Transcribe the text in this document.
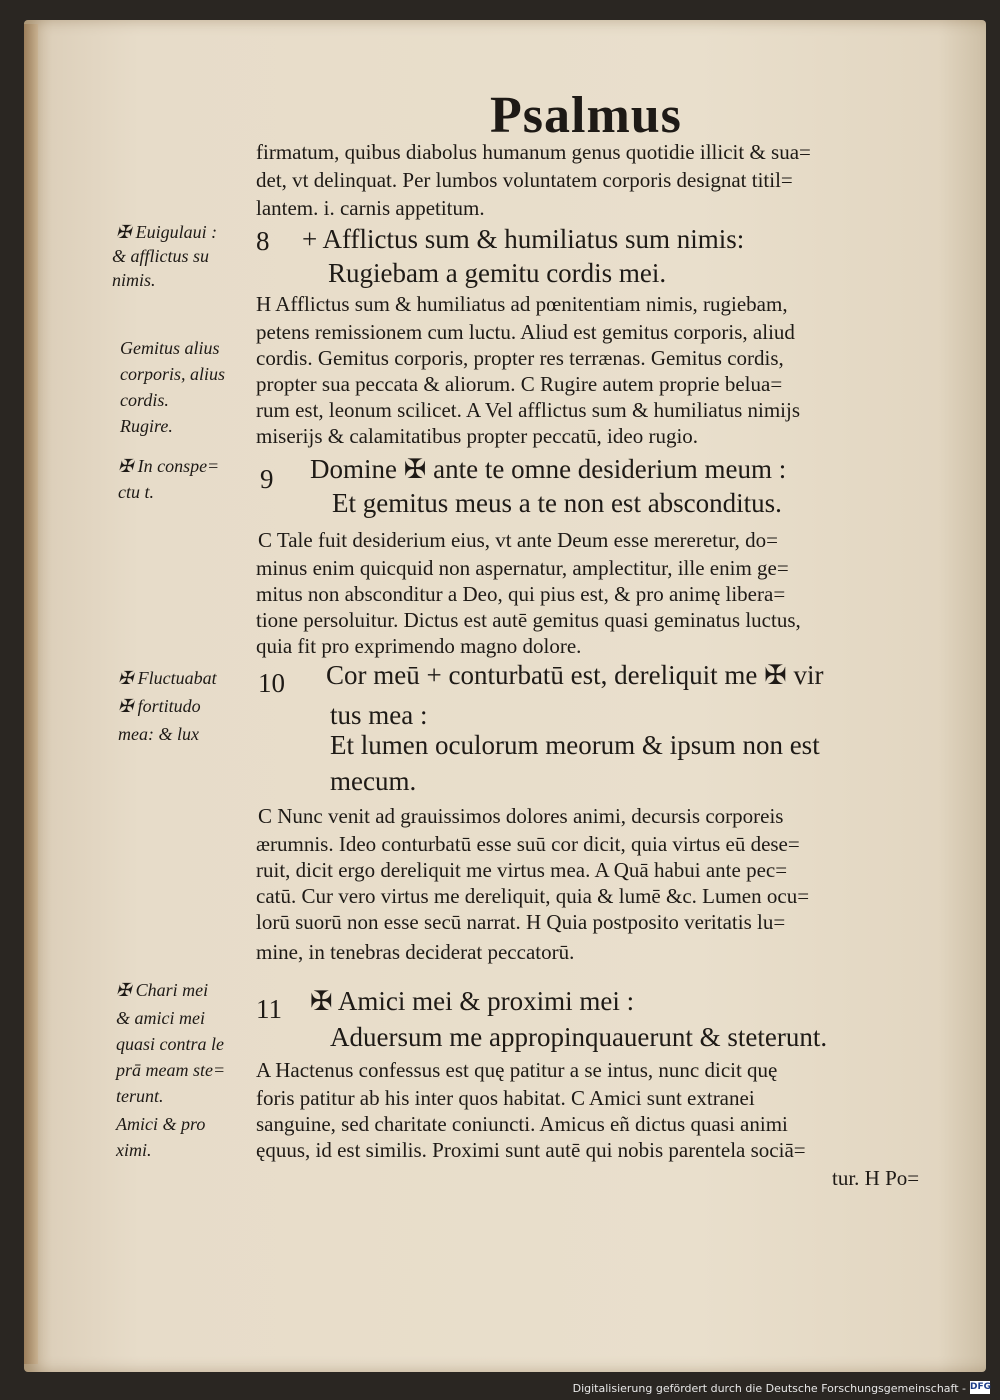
Psalmus
firmatum, quibus diabolus humanum genus quotidie illicit & sua=
det, vt delinquat. Per lumbos voluntatem corporis designat titil=
lantem. i. carnis appetitum.
✠ Euigulaui :
& afflictus su
nimis.
Gemitus alius
corporis, alius
cordis.
Rugire.
✠ In conspe=
ctu t.
✠ Fluctuabat
✠ fortitudo
mea: & lux
✠ Chari mei
& amici mei
quasi contra le
prā meam ste=
terunt.
Amici & pro
ximi.
8 + Afflictus sum & humiliatus sum nimis:
Rugiebam a gemitu cordis mei.
H Afflictus sum & humiliatus ad pœnitentiam nimis, rugiebam,
petens remissionem cum luctu. Aliud est gemitus corporis, aliud
cordis. Gemitus corporis, propter res terrænas. Gemitus cordis,
propter sua peccata & aliorum. C Rugire autem proprie belua=
rum est, leonum scilicet. A Vel afflictus sum & humiliatus nimijs
miserijs & calamitatibus propter peccatū, ideo rugio.
9 Domine ✠ ante te omne desiderium meum :
Et gemitus meus a te non est absconditus.
C Tale fuit desiderium eius, vt ante Deum esse mereretur, do=
minus enim quicquid non aspernatur, amplectitur, ille enim ge=
mitus non absconditur a Deo, qui pius est, & pro animę libera=
tione persoluitur. Dictus est autē gemitus quasi geminatus luctus,
quia fit pro exprimendo magno dolore.
10 Cor meū + conturbatū est, dereliquit me ✠ vir
tus mea :
Et lumen oculorum meorum & ipsum non est
mecum.
C Nunc venit ad grauissimos dolores animi, decursis corporeis
ærumnis. Ideo conturbatū esse suū cor dicit, quia virtus eū dese=
ruit, dicit ergo dereliquit me virtus mea. A Quā habui ante pec=
catū. Cur vero virtus me dereliquit, quia & lumē &c. Lumen ocu=
lorū suorū non esse secū narrat. H Quia postposito veritatis lu=
mine, in tenebras deciderat peccatorū.
11 ✠ Amici mei & proximi mei :
Aduersum me appropinquauerunt & steterunt.
A Hactenus confessus est quę patitur a se intus, nunc dicit quę
foris patitur ab his inter quos habitat. C Amici sunt extranei
sanguine, sed charitate coniuncti. Amicus eñ dictus quasi animi
ęquus, id est similis. Proximi sunt autē qui nobis parentela sociā=
tur. H Po=
Digitalisierung gefördert durch die Deutsche Forschungsgemeinschaft - DFG
